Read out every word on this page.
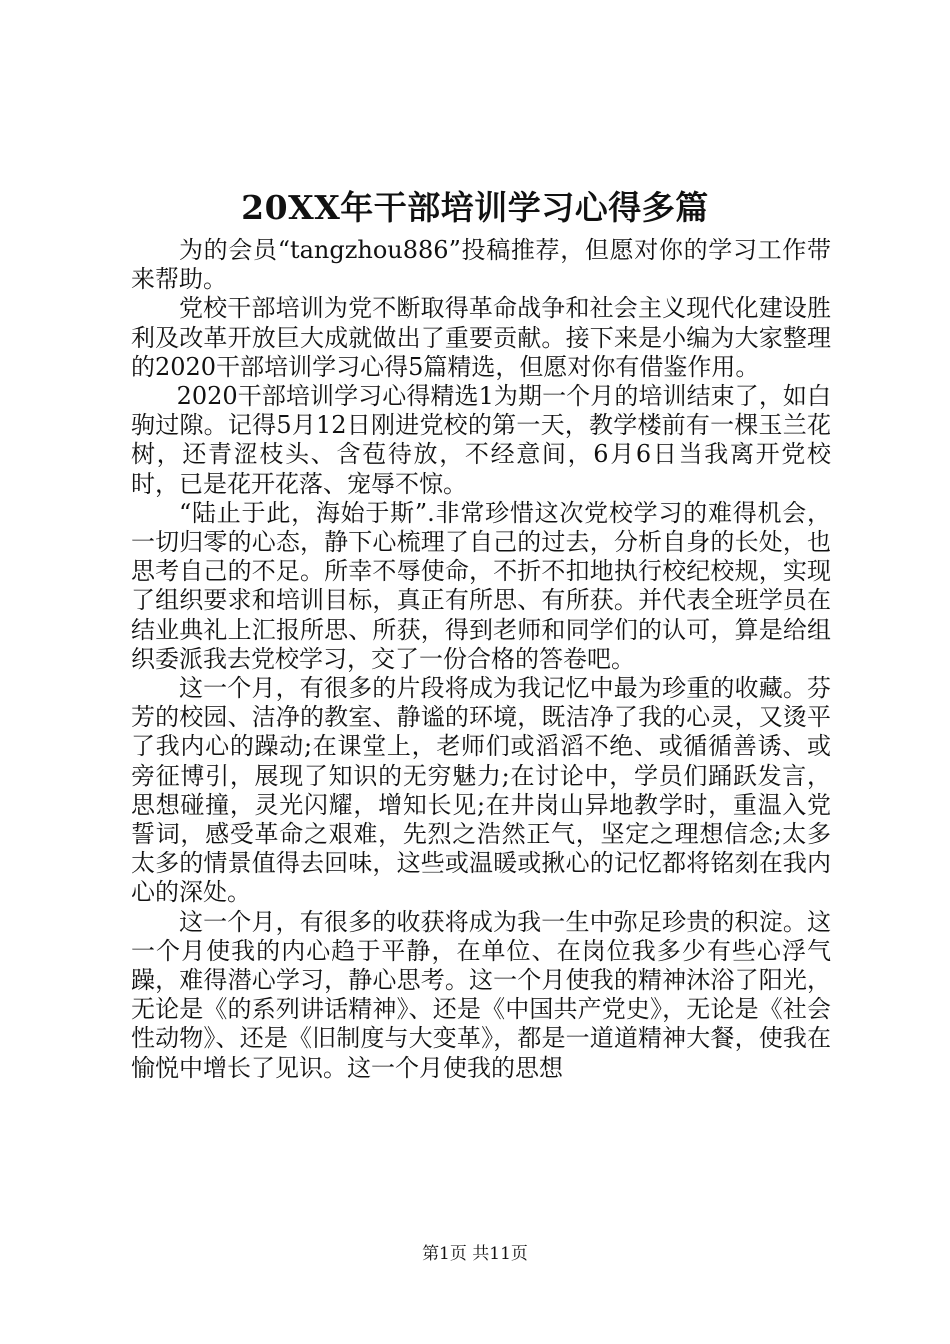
20XX年干部培训学习心得多篇

为的会员“tangzhou886”投稿推荐，但愿对你的学习工作带来帮助。

党校干部培训为党不断取得革命战争和社会主义现代化建设胜利及改革开放巨大成就做出了重要贡献。接下来是小编为大家整理的2020干部培训学习心得5篇精选，但愿对你有借鉴作用。

2020干部培训学习心得精选1为期一个月的培训结束了，如白驹过隙。记得5月12日刚进党校的第一天，教学楼前有一棵玉兰花树，还青涩枝头、含苞待放，不经意间，6月6日当我离开党校时，已是花开花落、宠辱不惊。

“陆止于此，海始于斯”.非常珍惜这次党校学习的难得机会，一切归零的心态，静下心梳理了自己的过去，分析自身的长处，也思考自己的不足。所幸不辱使命，不折不扣地执行校纪校规，实现了组织要求和培训目标，真正有所思、有所获。并代表全班学员在结业典礼上汇报所思、所获，得到老师和同学们的认可，算是给组织委派我去党校学习，交了一份合格的答卷吧。

这一个月，有很多的片段将成为我记忆中最为珍重的收藏。芬芳的校园、洁净的教室、静谧的环境，既洁净了我的心灵，又烫平了我内心的躁动;在课堂上，老师们或滔滔不绝、或循循善诱、或旁征博引，展现了知识的无穷魅力;在讨论中，学员们踊跃发言，思想碰撞，灵光闪耀，增知长见;在井岗山异地教学时，重温入党誓词，感受革命之艰难，先烈之浩然正气，坚定之理想信念;太多太多的情景值得去回味，这些或温暖或揪心的记忆都将铭刻在我内心的深处。

这一个月，有很多的收获将成为我一生中弥足珍贵的积淀。这一个月使我的内心趋于平静，在单位、在岗位我多少有些心浮气躁，难得潜心学习，静心思考。这一个月使我的精神沐浴了阳光，无论是《的系列讲话精神》、还是《中国共产党史》，无论是《社会性动物》、还是《旧制度与大变革》，都是一道道精神大餐，使我在愉悦中增长了见识。这一个月使我的思想

第1页 共11页
